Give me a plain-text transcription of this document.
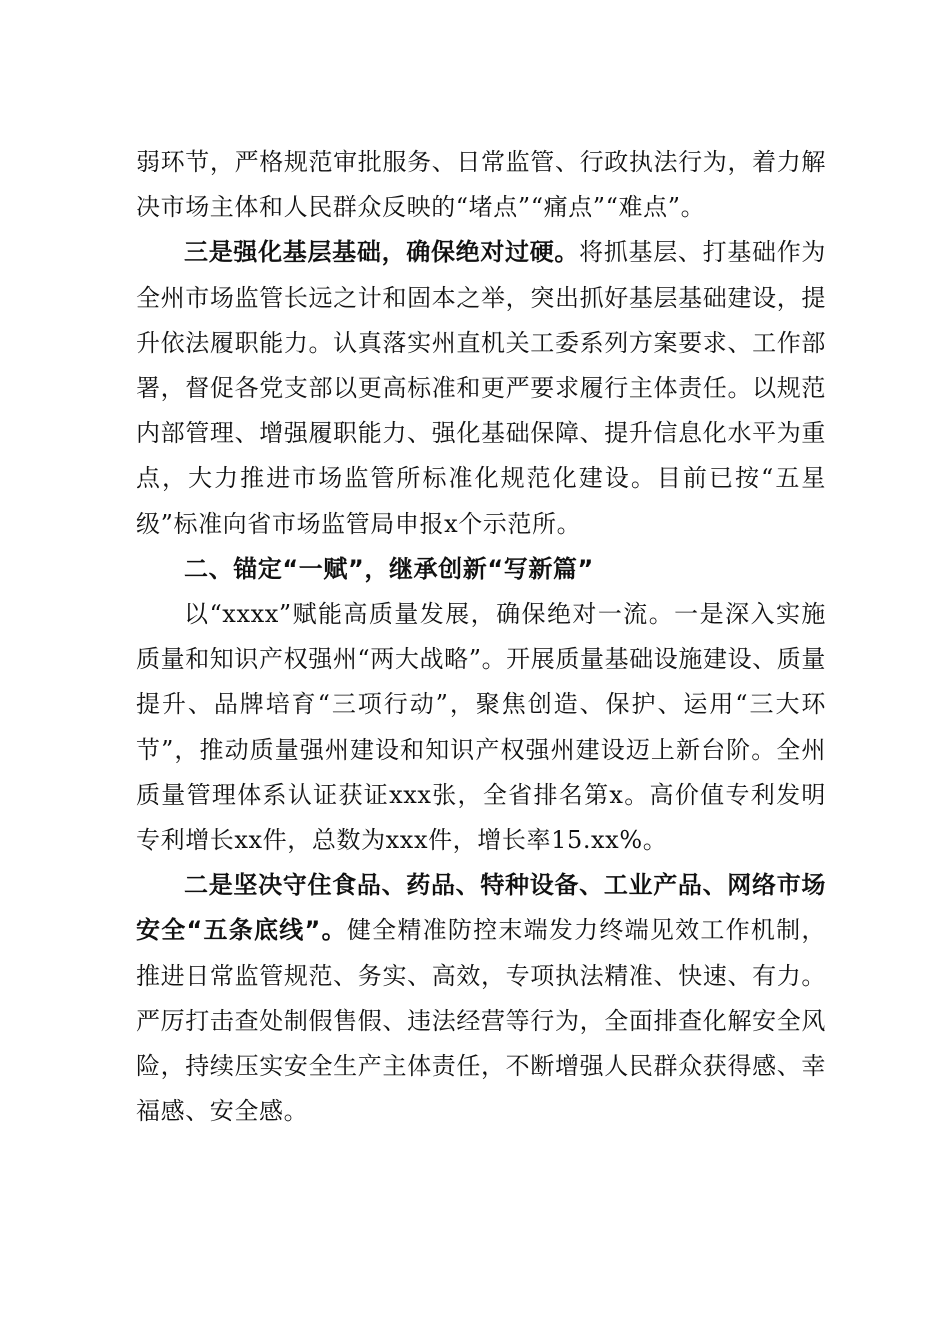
弱环节，严格规范审批服务、日常监管、行政执法行为，着力解决市场主体和人民群众反映的“堵点”“痛点”“难点”。

三是强化基层基础，确保绝对过硬。将抓基层、打基础作为全州市场监管长远之计和固本之举，突出抓好基层基础建设，提升依法履职能力。认真落实州直机关工委系列方案要求、工作部署，督促各党支部以更高标准和更严要求履行主体责任。以规范内部管理、增强履职能力、强化基础保障、提升信息化水平为重点，大力推进市场监管所标准化规范化建设。目前已按“五星级”标准向省市场监管局申报x个示范所。

二、锚定“一赋”，继承创新“写新篇”

以“xxxx”赋能高质量发展，确保绝对一流。一是深入实施质量和知识产权强州“两大战略”。开展质量基础设施建设、质量提升、品牌培育“三项行动”，聚焦创造、保护、运用“三大环节”，推动质量强州建设和知识产权强州建设迈上新台阶。全州质量管理体系认证获证xxx张，全省排名第x。高价值专利发明专利增长xx件，总数为xxx件，增长率15.xx%。

二是坚决守住食品、药品、特种设备、工业产品、网络市场安全“五条底线”。健全精准防控末端发力终端见效工作机制，推进日常监管规范、务实、高效，专项执法精准、快速、有力。严厉打击查处制假售假、违法经营等行为，全面排查化解安全风险，持续压实安全生产主体责任，不断增强人民群众获得感、幸福感、安全感。
